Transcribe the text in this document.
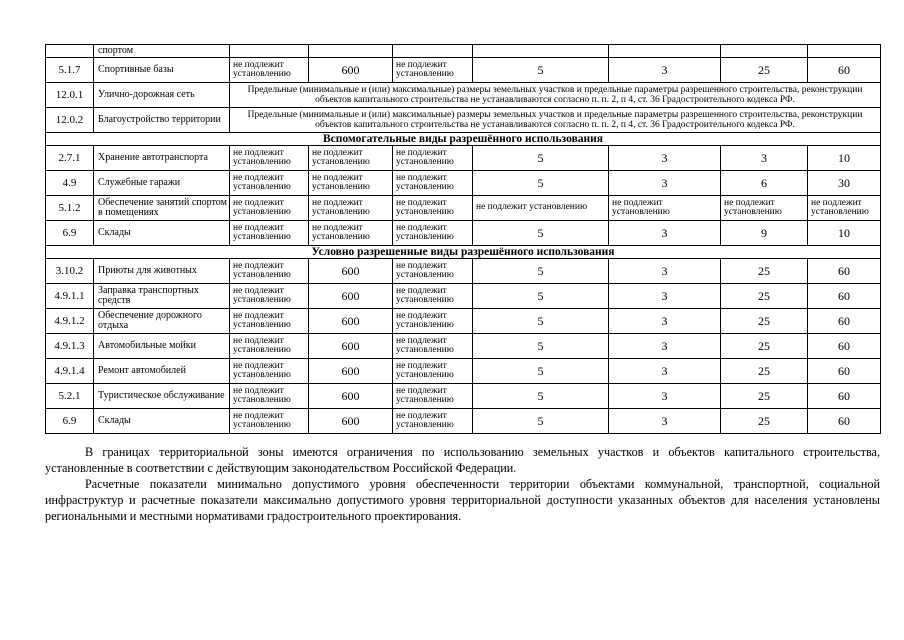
	спортом							
5.1.7	Спортивные базы	не подлежит установлению	600	не подлежит установлению	5	3	25	60
12.0.1	Улично-дорожная сеть	Предельные (минимальные и (или) максимальные) размеры земельных участков и предельные параметры разрешенного строительства, реконструкции объектов капитального строительства не устанавливаются согласно п. п. 2, п 4, ст. 36 Градостроительного кодекса РФ.						
12.0.2	Благоустройство территории	Предельные (минимальные и (или) максимальные) размеры земельных участков и предельные параметры разрешенного строительства, реконструкции объектов капитального строительства не устанавливаются согласно п. п. 2, п 4, ст. 36 Градостроительного кодекса РФ.						
Вспомогательные виды разрешённого использования								
2.7.1	Хранение автотранспорта	не подлежит установлению	не подлежит установлению	не подлежит установлению	5	3	3	10
4.9	Служебные гаражи	не подлежит установлению	не подлежит установлению	не подлежит установлению	5	3	6	30
5.1.2	Обеспечение занятий спортом в помещениях	не подлежит установлению	не подлежит установлению	не подлежит установлению	не подлежит установлению	не подлежит установлению	не подлежит установлению	не подлежит установлению
6.9	Склады	не подлежит установлению	не подлежит установлению	не подлежит установлению	5	3	9	10
Условно разрешенные виды разрешённого использования								
3.10.2	Приюты для животных	не подлежит установлению	600	не подлежит установлению	5	3	25	60
4.9.1.1	Заправка транспортных средств	не подлежит установлению	600	не подлежит установлению	5	3	25	60
4.9.1.2	Обеспечение дорожного отдыха	не подлежит установлению	600	не подлежит установлению	5	3	25	60
4.9.1.3	Автомобильные мойки	не подлежит установлению	600	не подлежит установлению	5	3	25	60
4.9.1.4	Ремонт автомобилей	не подлежит установлению	600	не подлежит установлению	5	3	25	60
5.2.1	Туристическое обслуживание	не подлежит установлению	600	не подлежит установлению	5	3	25	60
6.9	Склады	не подлежит установлению	600	не подлежит установлению	5	3	25	60

В границах территориальной зоны имеются ограничения по использованию земельных участков и объектов капитального строительства, установленные в соответствии с действующим законодательством Российской Федерации.

Расчетные показатели минимально допустимого уровня обеспеченности территории объектами коммунальной, транспортной, социальной инфраструктур и расчетные показатели максимально допустимого уровня территориальной доступности указанных объектов для населения установлены региональными и местными нормативами градостроительного проектирования.
